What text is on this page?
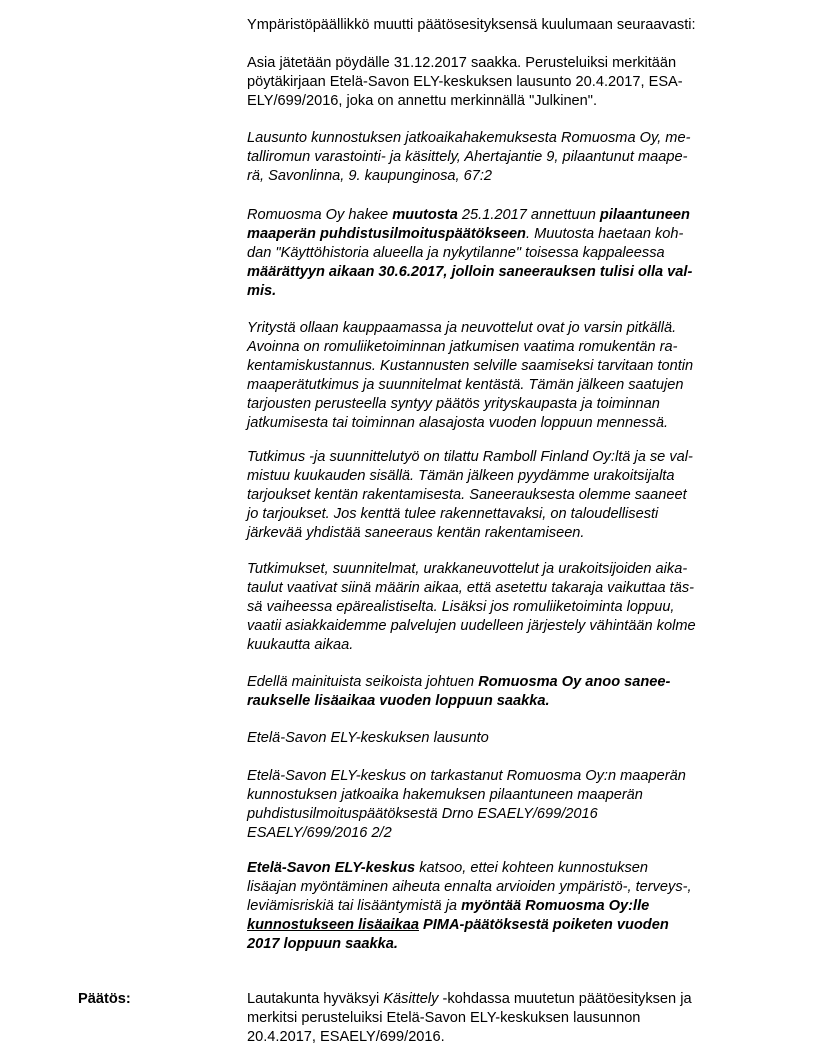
Ympäristöpäällikkö muutti päätösesityksensä kuulumaan seuraavasti:
Asia jätetään pöydälle 31.12.2017 saakka. Perusteluiksi merkitään
pöytäkirjaan Etelä-Savon ELY-keskuksen lausunto 20.4.2017, ESA-
ELY/699/2016, joka on annettu merkinnällä "Julkinen".
Lausunto kunnostuksen jatkoaikahakemuksesta Romuosma Oy, me-
talliromun varastointi- ja käsittely, Ahertajantie 9, pilaantunut maape-
rä, Savonlinna, 9. kaupunginosa, 67:2
Romuosma Oy hakee muutosta 25.1.2017 annettuun pilaantuneen
maaperän puhdistusilmoituspäätökseen. Muutosta haetaan koh-
dan "Käyttöhistoria alueella ja nykytilanne" toisessa kappaleessa
määrättyyn aikaan 30.6.2017, jolloin saneerauksen tulisi olla val-
mis.
Yritystä ollaan kauppaamassa ja neuvottelut ovat jo varsin pitkällä.
Avoinna on romuliiketoiminnan jatkumisen vaatima romukentän ra-
kentamiskustannus. Kustannusten selville saamiseksi tarvitaan tontin
maaperätutkimus ja suunnitelmat kentästä. Tämän jälkeen saatujen
tarjousten perusteella syntyy päätös yrityskaupasta ja toiminnan
jatkumisesta tai toiminnan alasajosta vuoden loppuun mennessä.
Tutkimus -ja suunnittelutyö on tilattu Ramboll Finland Oy:ltä ja se val-
mistuu kuukauden sisällä. Tämän jälkeen pyydämme urakoitsijalta
tarjoukset kentän rakentamisesta. Saneerauksesta olemme saaneet
jo tarjoukset. Jos kenttä tulee rakennettavaksi, on taloudellisesti
järkevää yhdistää saneeraus kentän rakentamiseen.
Tutkimukset, suunnitelmat, urakkaneuvottelut ja urakoitsijoiden aika-
taulut vaativat siinä määrin aikaa, että asetettu takaraja vaikuttaa täs-
sä vaiheessa epärealistiselta. Lisäksi jos romuliiketoiminta loppuu,
vaatii asiakkaidemme palvelujen uudelleen järjestely vähintään kolme
kuukautta aikaa.
Edellä mainituista seikoista johtuen Romuosma Oy anoo sanee-
raukselle lisäaikaa vuoden loppuun saakka.
Etelä-Savon ELY-keskuksen lausunto
Etelä-Savon ELY-keskus on tarkastanut Romuosma Oy:n maaperän
kunnostuksen jatkoaika hakemuksen pilaantuneen maaperän
puhdistusilmoituspäätöksestä Drno ESAELY/699/2016
ESAELY/699/2016 2/2
Etelä-Savon ELY-keskus katsoo, ettei kohteen kunnostuksen
lisäajan myöntäminen aiheuta ennalta arvioiden ympäristö-, terveys-,
leviämisriskiä tai lisääntymistä ja myöntää Romuosma Oy:lle
kunnostukseen lisäaikaa PIMA-päätöksestä poiketen vuoden
2017 loppuun saakka.
Päätös:	Lautakunta hyväksyi Käsittely -kohdassa muutetun päätöesityksen ja
merkitsi perusteluiksi Etelä-Savon ELY-keskuksen lausunnon
20.4.2017, ESAELY/699/2016.
